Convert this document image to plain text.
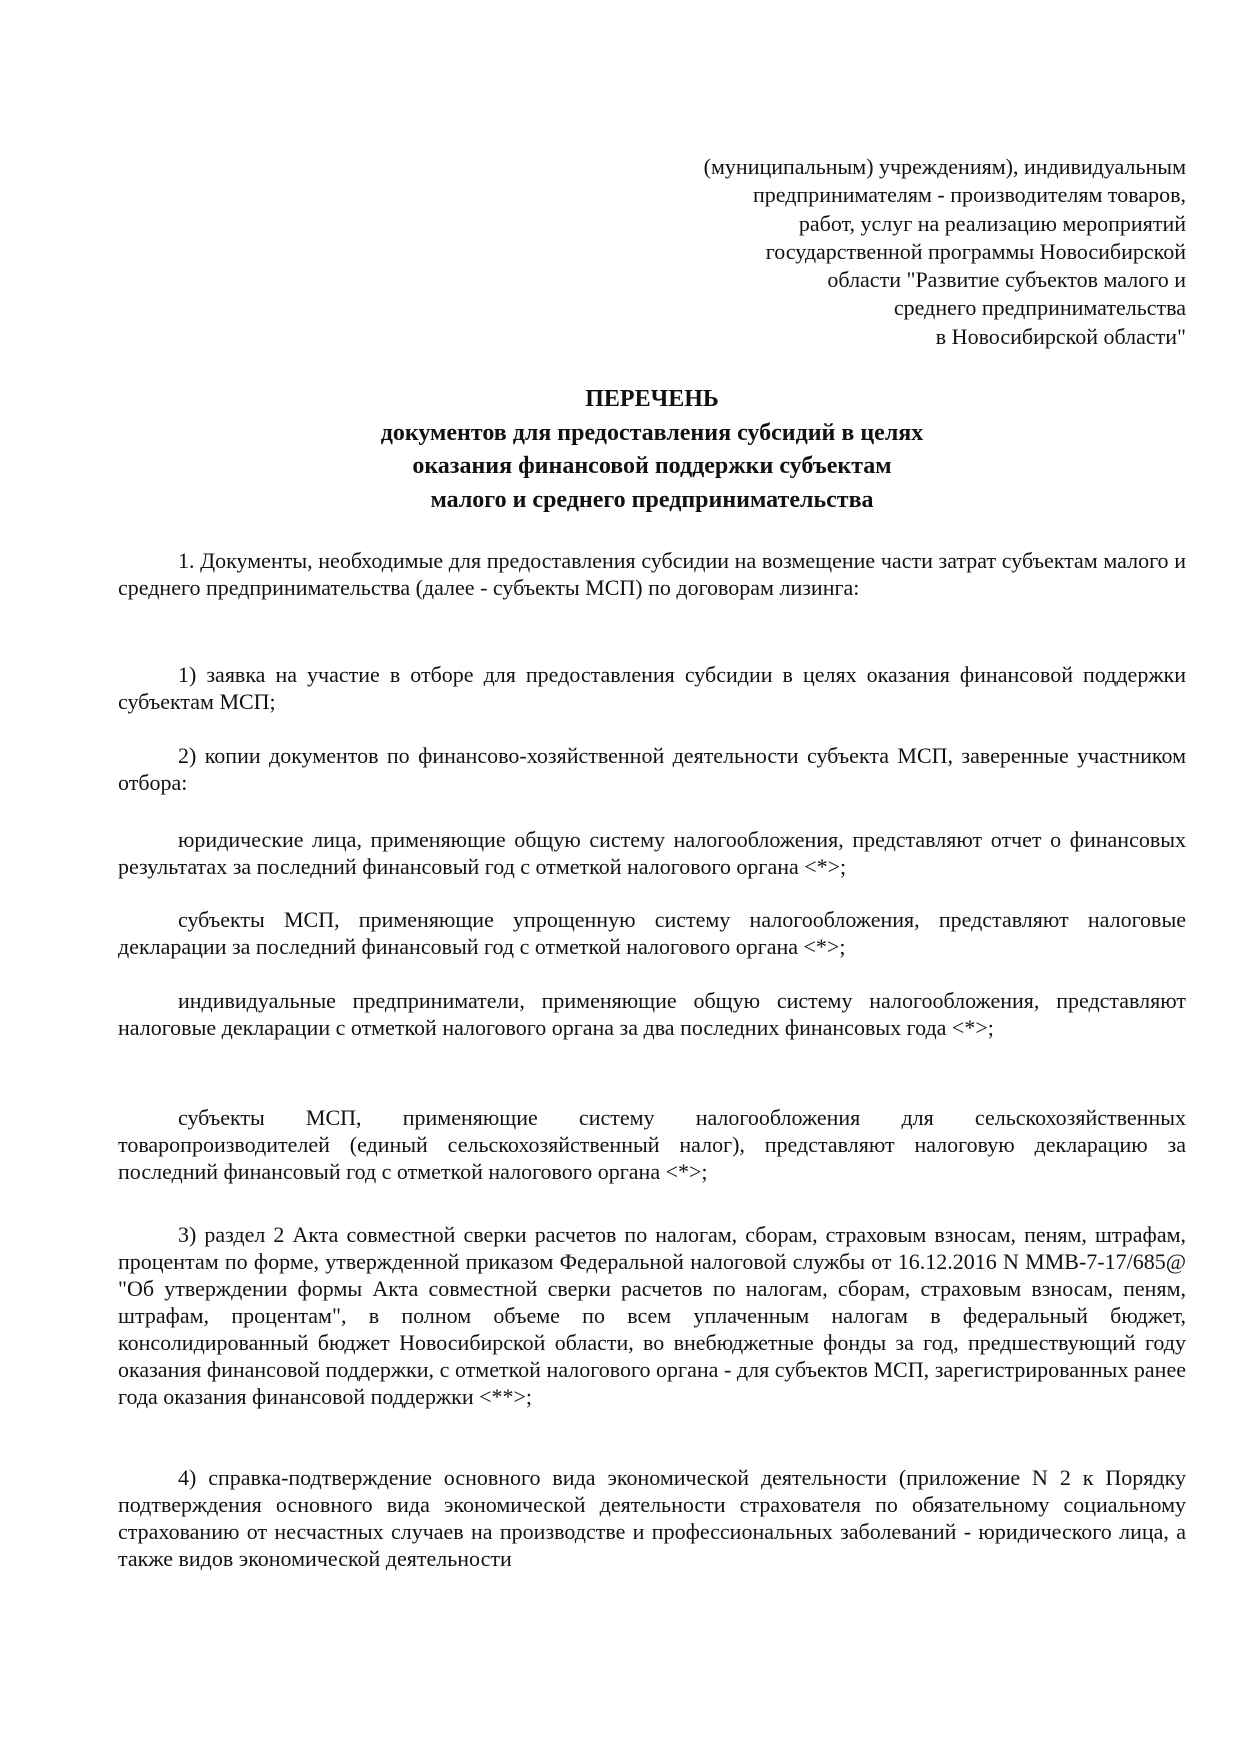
(муниципальным) учреждениям), индивидуальным
предпринимателям - производителям товаров,
работ, услуг на реализацию мероприятий
государственной программы Новосибирской
области "Развитие субъектов малого и
среднего предпринимательства
в Новосибирской области"
ПЕРЕЧЕНЬ
документов для предоставления субсидий в целях
оказания финансовой поддержки субъектам
малого и среднего предпринимательства

1. Документы, необходимые для предоставления субсидии на возмещение части затрат субъектам малого и среднего предпринимательства (далее - субъекты МСП) по договорам лизинга:

1) заявка на участие в отборе для предоставления субсидии в целях оказания финансовой поддержки субъектам МСП;

2) копии документов по финансово-хозяйственной деятельности субъекта МСП, заверенные участником отбора:

юридические лица, применяющие общую систему налогообложения, представляют отчет о финансовых результатах за последний финансовый год с отметкой налогового органа <*>;

субъекты МСП, применяющие упрощенную систему налогообложения, представляют налоговые декларации за последний финансовый год с отметкой налогового органа <*>;

индивидуальные предприниматели, применяющие общую систему налогообложения, представляют налоговые декларации с отметкой налогового органа за два последних финансовых года <*>;

субъекты МСП, применяющие систему налогообложения для сельскохозяйственных товаропроизводителей (единый сельскохозяйственный налог), представляют налоговую декларацию за последний финансовый год с отметкой налогового органа <*>;

3) раздел 2 Акта совместной сверки расчетов по налогам, сборам, страховым взносам, пеням, штрафам, процентам по форме, утвержденной приказом Федеральной налоговой службы от 16.12.2016 N ММВ-7-17/685@ "Об утверждении формы Акта совместной сверки расчетов по налогам, сборам, страховым взносам, пеням, штрафам, процентам", в полном объеме по всем уплаченным налогам в федеральный бюджет, консолидированный бюджет Новосибирской области, во внебюджетные фонды за год, предшествующий году оказания финансовой поддержки, с отметкой налогового органа - для субъектов МСП, зарегистрированных ранее года оказания финансовой поддержки <**>;

4) справка-подтверждение основного вида экономической деятельности (приложение N 2 к Порядку подтверждения основного вида экономической деятельности страхователя по обязательному социальному страхованию от несчастных случаев на производстве и профессиональных заболеваний - юридического лица, а также видов экономической деятельности
